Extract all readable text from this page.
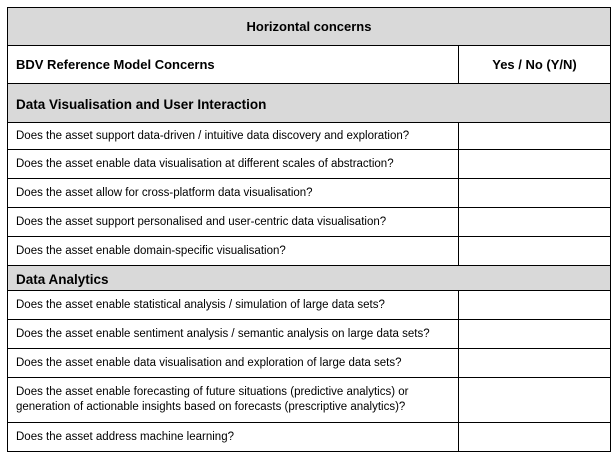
Horizontal concerns	
BDV Reference Model Concerns	Yes / No (Y/N)
Data Visualisation and User Interaction	
Does the asset support data-driven / intuitive data discovery and exploration?	
Does the asset enable data visualisation at different scales of abstraction?	
Does the asset allow for cross-platform data visualisation?	
Does the asset support personalised and user-centric data visualisation?	
Does the asset enable domain-specific visualisation?	
Data Analytics	
Does the asset enable statistical analysis / simulation of large data sets?	
Does the asset enable sentiment analysis / semantic analysis on large data sets?	
Does the asset enable data visualisation and exploration of large data sets?	
Does the asset enable forecasting of future situations (predictive analytics) or generation of actionable insights based on forecasts (prescriptive analytics)?	
Does the asset address machine learning?	
